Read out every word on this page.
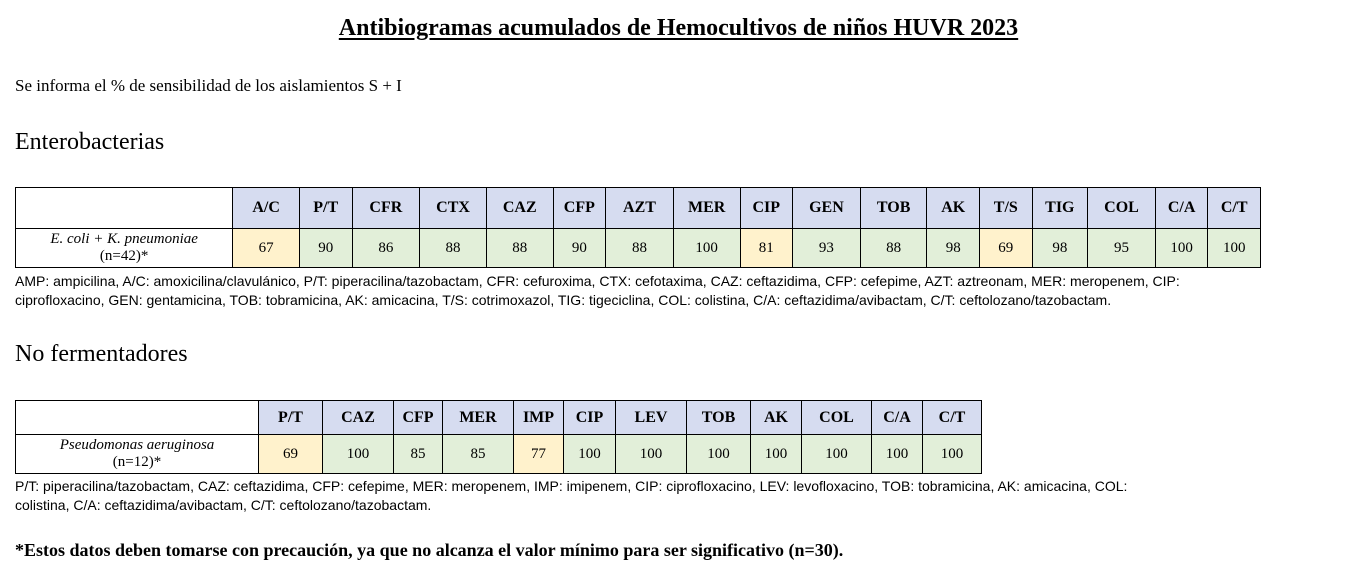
Antibiogramas acumulados de Hemocultivos de niños HUVR 2023
Se informa el % de sensibilidad de los aislamientos S + I
Enterobacterias
	A/C	P/T	CFR	CTX	CAZ	CFP	AZT	MER	CIP	GEN	TOB	AK	T/S	TIG	COL	C/A	C/T

E. coli + K. pneumoniae
(n=42)*	67	90	86	88	88	90	88	100	81	93	88	98	69	98	95	100	100
AMP: ampicilina, A/C: amoxicilina/clavulánico, P/T: piperacilina/tazobactam, CFR: cefuroxima, CTX: cefotaxima, CAZ: ceftazidima, CFP: cefepime, AZT: aztreonam, MER: meropenem, CIP:
ciprofloxacino, GEN: gentamicina, TOB: tobramicina, AK: amicacina, T/S: cotrimoxazol, TIG: tigeciclina, COL: colistina, C/A: ceftazidima/avibactam, C/T: ceftolozano/tazobactam.
No fermentadores
	P/T	CAZ	CFP	MER	IMP	CIP	LEV	TOB	AK	COL	C/A	C/T

Pseudomonas aeruginosa
(n=12)*	69	100	85	85	77	100	100	100	100	100	100	100
P/T: piperacilina/tazobactam, CAZ: ceftazidima, CFP: cefepime, MER: meropenem, IMP: imipenem, CIP: ciprofloxacino, LEV: levofloxacino, TOB: tobramicina, AK: amicacina, COL:
colistina, C/A: ceftazidima/avibactam, C/T: ceftolozano/tazobactam.
*Estos datos deben tomarse con precaución, ya que no alcanza el valor mínimo para ser significativo (n=30).
